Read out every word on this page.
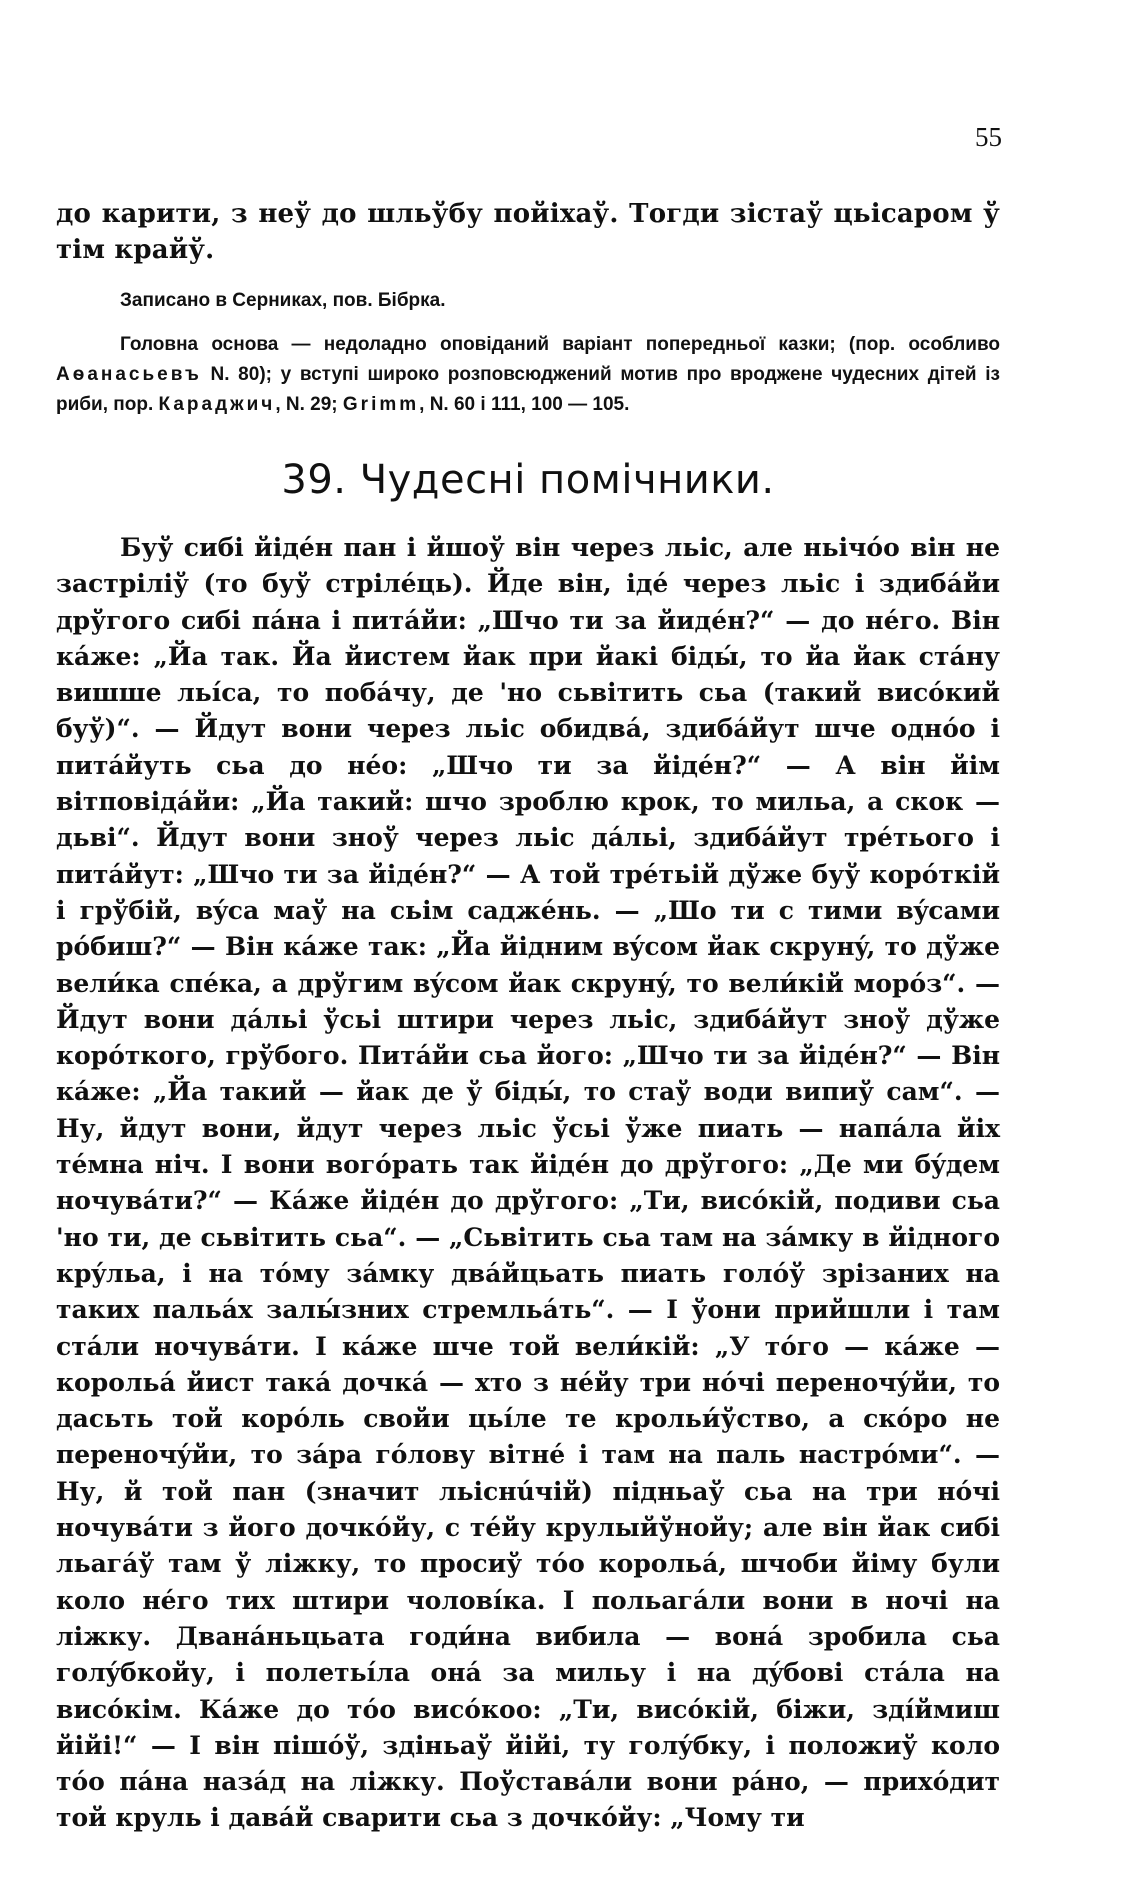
55

до карити, з неў до шльўбу пойіхаў. Тогди зістаў цьісаром ў тім крайў.

Записано в Серниках, пов. Бібрка.

Головна основа — недоладно оповіданий варіант попередньої казки; (пор. особливо Аѳанасьевъ N. 80); у вступі широко розповсюджений мотив про вроджене чудесних дітей із риби, пор. Караджич, N. 29; Grimm, N. 60 і 111, 100 — 105.

39. Чудесні помічники.

Буў сибі йідéн пан і йшоў він через льіс, але ньічóо він не застріліў (то буў стрілéць). Йде він, ідé через льіс і здибáйи дрўгого сибі пáна і питáйи: „Шчо ти за йидéн?“ — до нéго. Він кáже: „Йа так. Йа йистем йак при йакі біды́, то йа йак стáну вишше льíса, то побáчу, де 'но сьвітить сьа (такий висóкий буў)“. — Йдут вони через льіс обидвá, здибáйут шче однóо і питáйуть сьа до нéо: „Шчо ти за йідéн?“ — А він йім вітповідáйи: „Йа такий: шчо зроблю крок, то мильа, а скок — дьві“. Йдут вони зноў через льіс дáльі, здибáйут трéтього і питáйут: „Шчо ти за йідéн?“ — А той трéтьій дўже буў корóткій і грўбій, вýса маў на сьім саджéнь. — „Шо ти с тими вýсами рóбиш?“ — Він кáже так: „Йа йідним вýсом йак скрунý, то дўже вели́ка спéка, а дрўгим вýсом йак скрунý, то вели́кій морóз“. — Йдут вони дáльі ўсьі штири через льіс, здибáйут зноў дўже корóткого, грўбого. Питáйи сьа його: „Шчо ти за йідéн?“ — Він кáже: „Йа такий — йак де ў біды́, то стаў води випиў сам“. — Ну, йдут вони, йдут через льіс ўсьі ўже пиать — напáла йіх тéмна ніч. І вони вогóрать так йідéн до дрўгого: „Де ми бýдем ночувáти?“ — Кáже йідéн до дрўгого: „Ти, висóкій, подиви сьа 'но ти, де сьвітить сьа“. — „Сьвітить сьа там на зáмку в йідного крýльа, і на тóму зáмку двáйцьать пиать голóў зрізаних на таких пальáх залы́зних стремльáть“. — І ўони прийшли і там стáли ночувáти. І кáже шче той вели́кій: „У тóго — кáже — корольá йист такá дочкá — хто з нéйу три нóчі переночýйи, то дасьть той корóль свойи цьíле те крольи́ўство, а скóро не переночýйи, то зáра гóлову вітнé і там на паль настрóми“. — Ну, й той пан (значит льіснúчій) підньаў сьа на три нóчі ночувáти з його дочкóйу, с тéйу крулыйўнойу; але він йак сибі льагáў там ў ліжку, то просиў тóо корольá, шчоби йіму були коло нéго тих штири чоловíка. І польагáли вони в ночі на ліжку. Дванáньцьата годи́на вибила — вонá зробила сьа голýбкойу, і полетьíла онá за мильу і на дýбові стáла на висóкім. Кáже до тóо висóкоо: „Ти, висóкій, біжи, здíймиш йійі!“ — І він пішóў, здіньаў йійі, ту голýбку, і положиў коло тóо пáна назáд на ліжку. Поўставáли вони рáно, — прихóдит той круль і давáй сварити сьа з дочкóйу: „Чому ти
